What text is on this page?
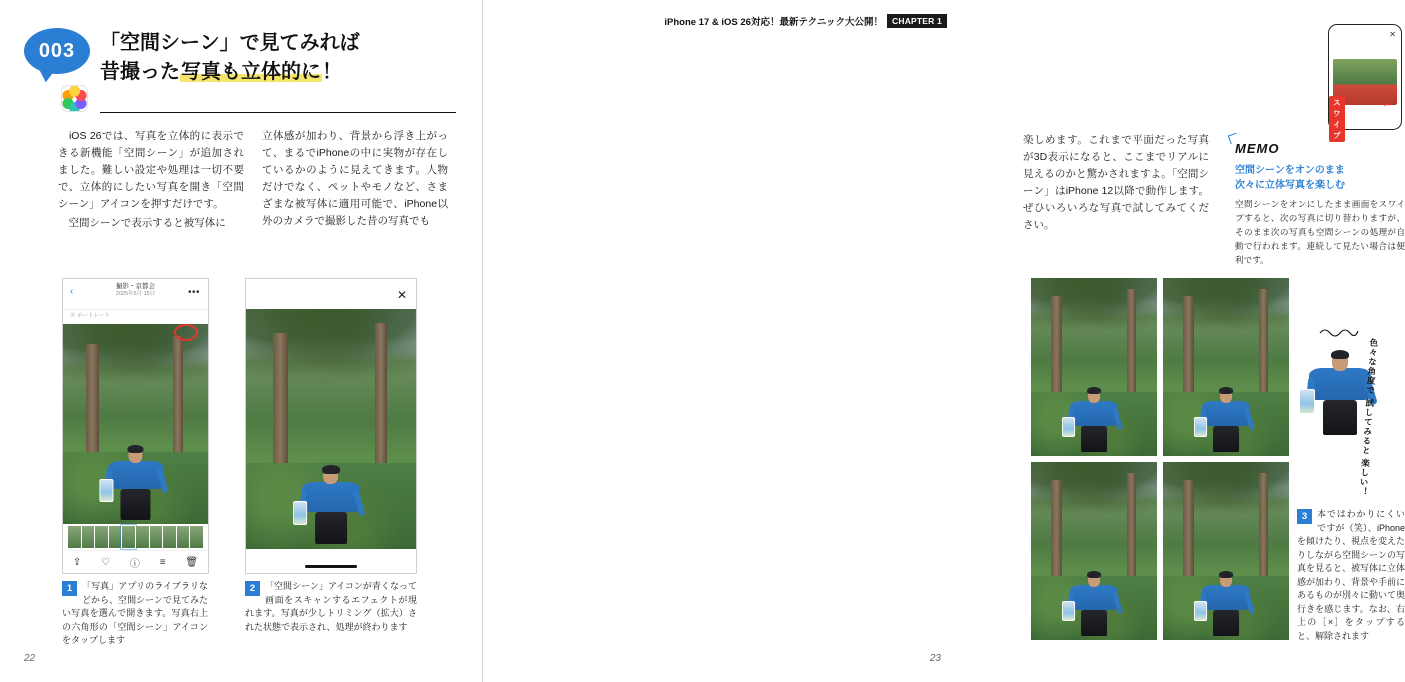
003 「空間シーン」で見てみれば
昔撮った写真も立体的に！

　iOS 26では、写真を立体的に表示できる新機能「空間シーン」が追加されました。難しい設定や処理は一切不要で、立体的にしたい写真を開き「空間シーン」アイコンを押すだけです。

　空間シーンで表示すると被写体に

立体感が加わり、背景から浮き上がって、まるでiPhoneの中に実物が存在しているかのように見えてきます。人物だけでなく、ペットやモノなど、さまざまな被写体に適用可能で、iPhone以外のカメラで撮影した昔の写真でも

‹	撮影・京都会
2025年5月 15日	•••
⊕ ポートレート
⇪ ♡ ⓘ ≡ 🗑
✕
1	「写真」アプリのライブラリなどから、空間シーンで見てみたい写真を選んで開きます。写真右上の六角形の「空間シーン」アイコンをタップします
2	「空間シーン」アイコンが青くなって画面をスキャンするエフェクトが現れます。写真が少しトリミング（拡大）された状態で表示され、処理が終わります
22
iPhone 17 & iOS 26対応！最新テクニック大公開！	CHAPTER 1

楽しめます。これまで平面だった写真が3D表示になると、ここまでリアルに見えるのかと驚かされますよ。「空間シーン」はiPhone 12以降で動作します。ぜひいろいろな写真で試してみてください。

✕
スワイプ
←
MEMO
空間シーンをオンのまま
次々に立体写真を楽しむ
空間シーンをオンにしたまま画面をスワイプすると、次の写真に切り替わりますが、そのまま次の写真も空間シーンの処理が自動で行われます。連続して見たい場合は便利です。
色々な角度で 試してみると 楽しい！
3	本ではわかりにくいですが（笑）、iPhoneを傾けたり、視点を変えたりしながら空間シーンの写真を見ると、被写体に立体感が加わり、背景や手前にあるものが別々に動いて奥行きを感じます。なお、右上の［×］をタップすると、解除されます
23
